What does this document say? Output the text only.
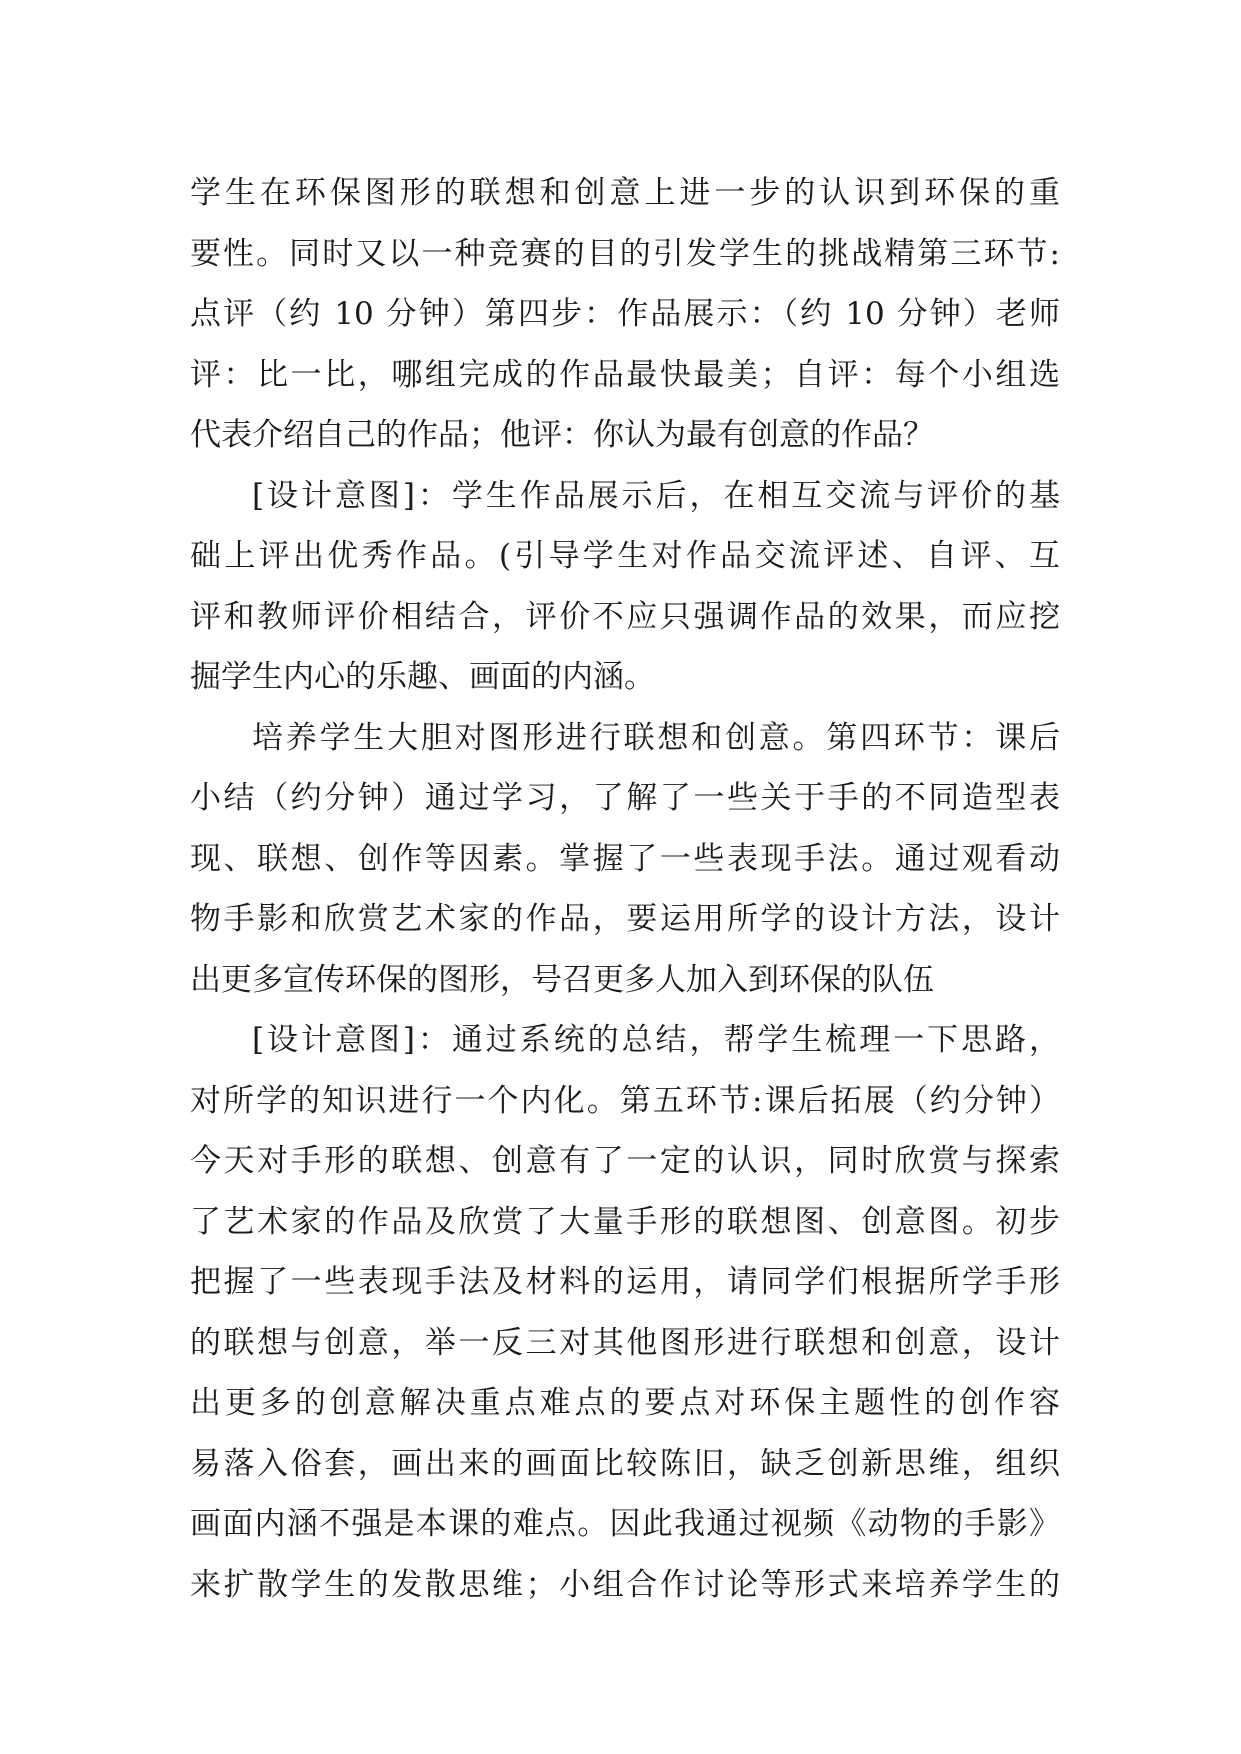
学生在环保图形的联想和创意上进一步的认识到环保的重
要性。同时又以一种竞赛的目的引发学生的挑战精第三环节:
点评（约 10 分钟）第四步：作品展示：（约 10 分钟）老师
评：比一比，哪组完成的作品最快最美；自评：每个小组选
代表介绍自己的作品；他评：你认为最有创意的作品？
[设计意图]：学生作品展示后，在相互交流与评价的基
础上评出优秀作品。(引导学生对作品交流评述、自评、互
评和教师评价相结合，评价不应只强调作品的效果，而应挖
掘学生内心的乐趣、画面的内涵。
培养学生大胆对图形进行联想和创意。第四环节：课后
小结（约分钟）通过学习，了解了一些关于手的不同造型表
现、联想、创作等因素。掌握了一些表现手法。通过观看动
物手影和欣赏艺术家的作品，要运用所学的设计方法，设计
出更多宣传环保的图形，号召更多人加入到环保的队伍
[设计意图]：通过系统的总结，帮学生梳理一下思路，
对所学的知识进行一个内化。第五环节:课后拓展（约分钟）
今天对手形的联想、创意有了一定的认识，同时欣赏与探索
了艺术家的作品及欣赏了大量手形的联想图、创意图。初步
把握了一些表现手法及材料的运用，请同学们根据所学手形
的联想与创意，举一反三对其他图形进行联想和创意，设计
出更多的创意解决重点难点的要点对环保主题性的创作容
易落入俗套，画出来的画面比较陈旧，缺乏创新思维，组织
画面内涵不强是本课的难点。因此我通过视频《动物的手影》
来扩散学生的发散思维；小组合作讨论等形式来培养学生的
